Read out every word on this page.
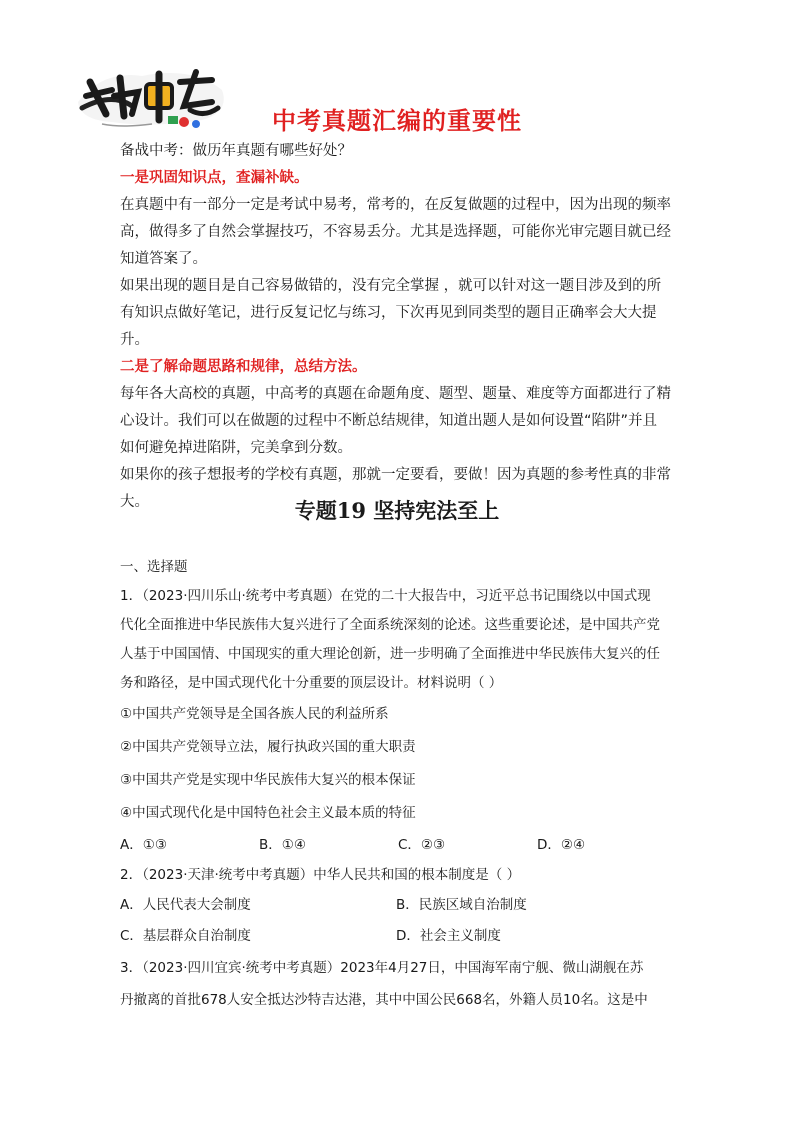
中考真题汇编的重要性

备战中考：做历年真题有哪些好处？

一是巩固知识点，查漏补缺。

在真题中有一部分一定是考试中易考，常考的，在反复做题的过程中，因为出现的频率

高，做得多了自然会掌握技巧，不容易丢分。尤其是选择题，可能你光审完题目就已经

知道答案了。

如果出现的题目是自己容易做错的，没有完全掌握 ，就可以针对这一题目涉及到的所

有知识点做好笔记，进行反复记忆与练习，下次再见到同类型的题目正确率会大大提升。

二是了解命题思路和规律，总结方法。

每年各大高校的真题，中高考的真题在命题角度、题型、题量、难度等方面都进行了精

心设计。我们可以在做题的过程中不断总结规律，知道出题人是如何设置“陷阱”并且

如何避免掉进陷阱，完美拿到分数。

如果你的孩子想报考的学校有真题，那就一定要看，要做！因为真题的参考性真的非常

大。	专题19 坚持宪法至上
一、选择题
1．（2023·四川乐山·统考中考真题）在党的二十大报告中，习近平总书记围绕以中国式现
代化全面推进中华民族伟大复兴进行了全面系统深刻的论述。这些重要论述，是中国共产党
人基于中国国情、中国现实的重大理论创新，进一步明确了全面推进中华民族伟大复兴的任
务和路径，是中国式现代化十分重要的顶层设计。材料说明（ ）
①中国共产党领导是全国各族人民的利益所系
②中国共产党领导立法，履行执政兴国的重大职责
③中国共产党是实现中华民族伟大复兴的根本保证
④中国式现代化是中国特色社会主义最本质的特征
A．①③	B．①④	C．②③	D．②④
2．（2023·天津·统考中考真题）中华人民共和国的根本制度是（ ）
A．人民代表大会制度	B．民族区域自治制度
C．基层群众自治制度	D．社会主义制度
3．（2023·四川宜宾·统考中考真题）2023年4月27日，中国海军南宁舰、微山湖舰在苏
丹撤离的首批678人安全抵达沙特吉达港，其中中国公民668名，外籍人员10名。这是中
